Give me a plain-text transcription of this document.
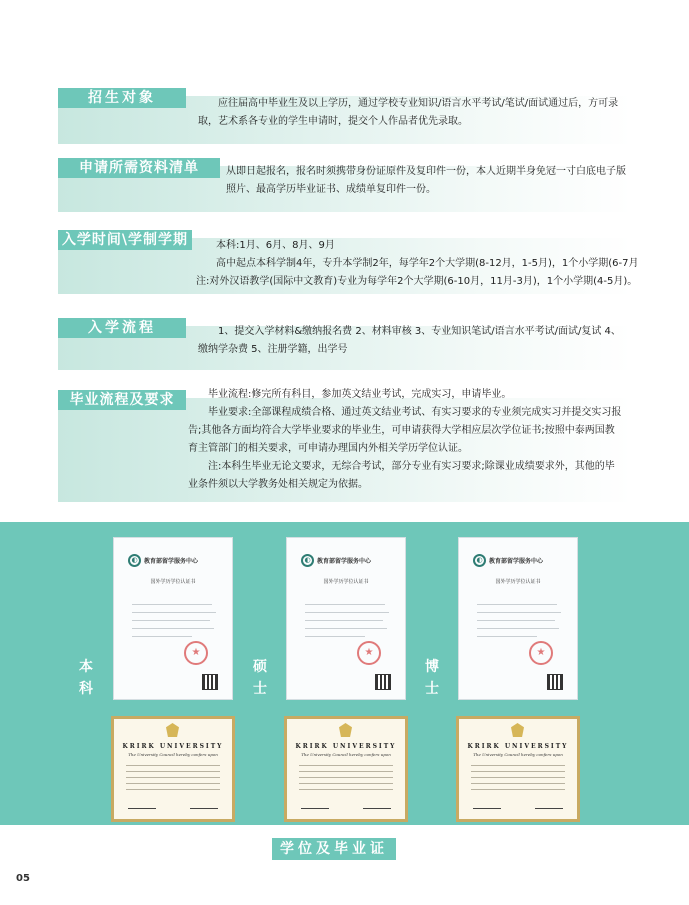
招生对象	应往届高中毕业生及以上学历，通过学校专业知识/语言水平考试/笔试/面试通过后，方可录取，艺术系各专业的学生申请时，提交个人作品者优先录取。

申请所需资料清单	从即日起报名，报名时须携带身份证原件及复印件一份，本人近期半身免冠一寸白底电子版照片、最高学历毕业证书、成绩单复印件一份。

入学时间\学制学期	本科:1月、6月、8月、9月

高中起点本科学制4年，专升本学制2年，每学年2个大学期(8-12月，1-5月)，1个小学期(6-7月

注:对外汉语教学(国际中文教育)专业为每学年2个大学期(6-10月，11月-3月)，1个小学期(4-5月)。

入学流程	1、提交入学材料&缴纳报名费 2、材料审核 3、专业知识笔试/语言水平考试/面试/复试 4、缴纳学杂费 5、注册学籍，出学号

毕业流程及要求	毕业流程:修完所有科目，参加英文结业考试，完成实习，申请毕业。

毕业要求:全部课程成绩合格、通过英文结业考试、有实习要求的专业须完成实习并提交实习报告;其他各方面均符合大学毕业要求的毕业生，可申请获得大学相应层次学位证书;按照中泰两国教育主管部门的相关要求，可申请办理国内外相关学历学位认证。

注:本科生毕业无论文要求，无综合考试，部分专业有实习要求;除课业成绩要求外，其他的毕业条件须以大学教务处相关规定为依据。

本
科
硕
士
博
士
◐	教育部留学服务中心
国外学历学位认证书
★
◐	教育部留学服务中心
国外学历学位认证书
★
◐	教育部留学服务中心
国外学历学位认证书
★
KRIRK UNIVERSITY
The University Council hereby confers upon
KRIRK UNIVERSITY
The University Council hereby confers upon
KRIRK UNIVERSITY
The University Council hereby confers upon
学位及毕业证书
05
